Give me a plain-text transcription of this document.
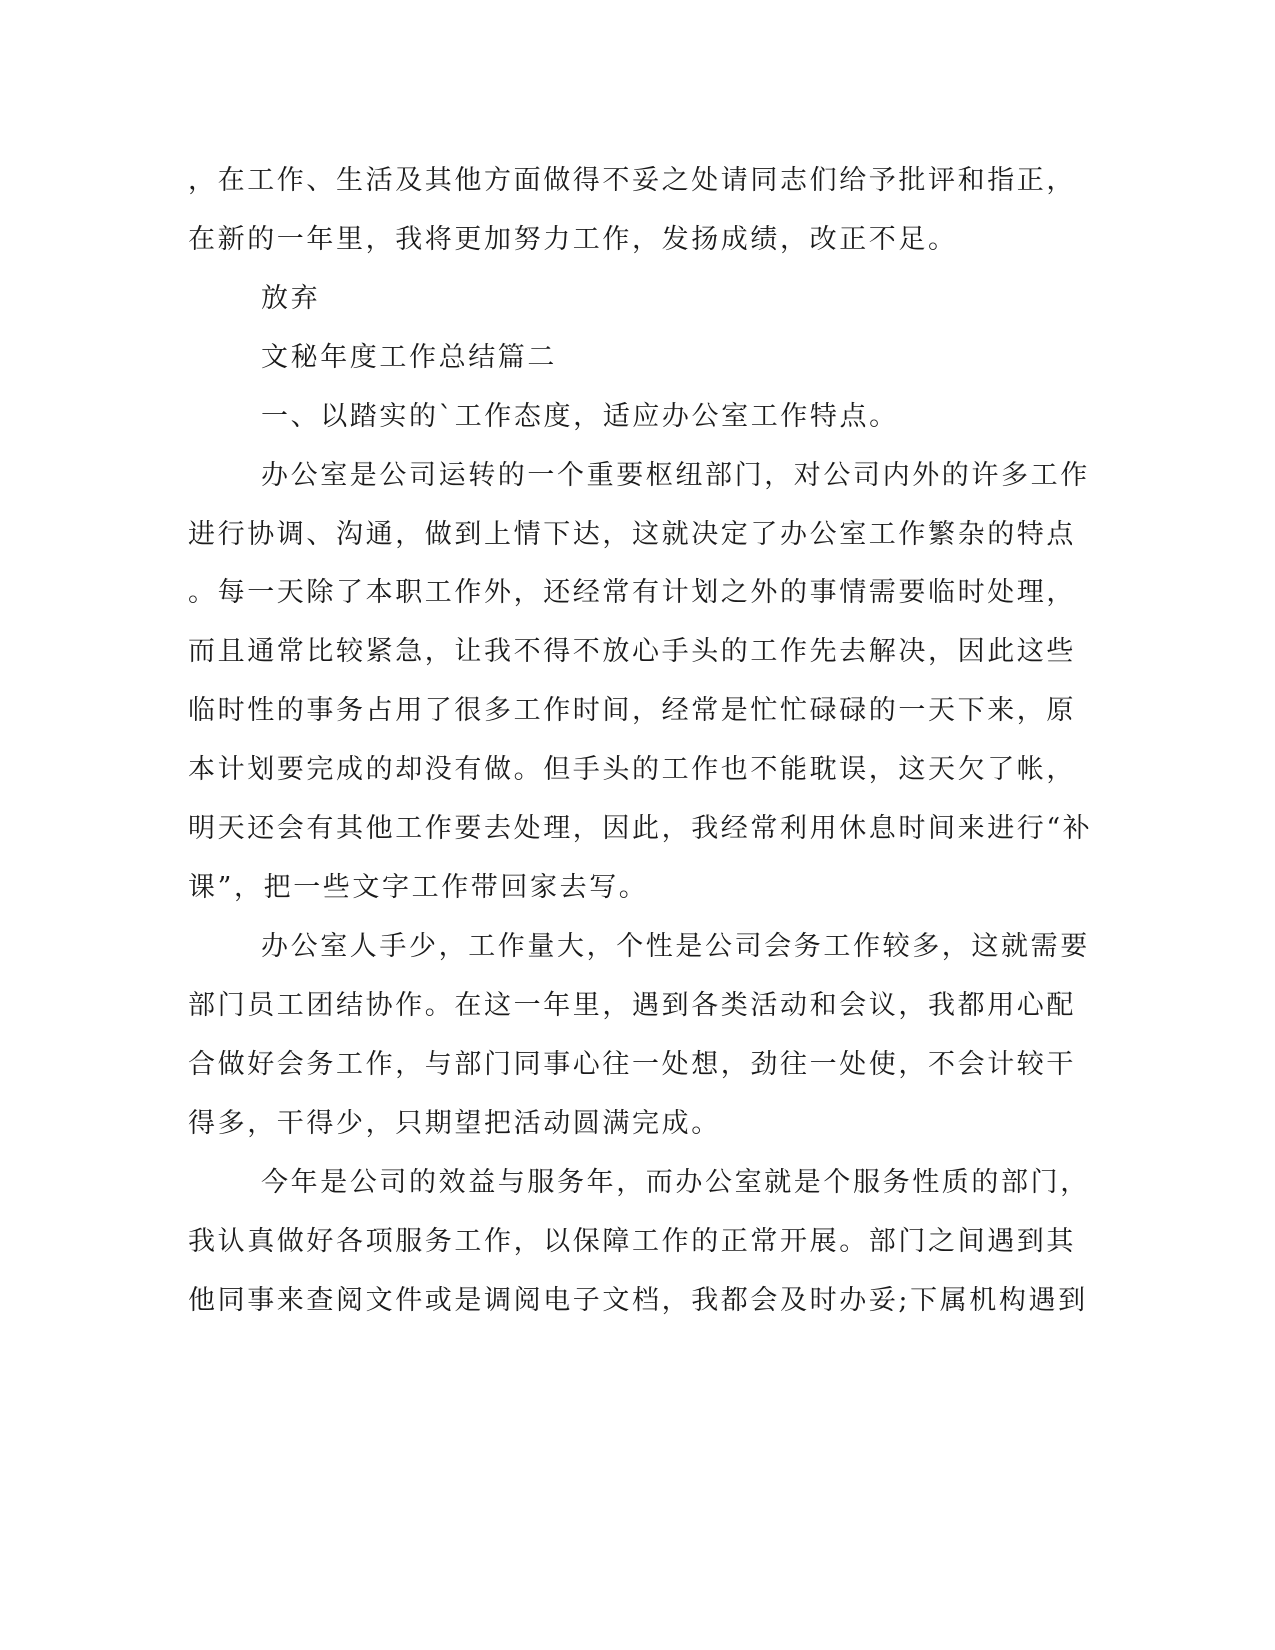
，在工作、生活及其他方面做得不妥之处请同志们给予批评和指正，
在新的一年里，我将更加努力工作，发扬成绩，改正不足。
放弃
文秘年度工作总结篇二
一、以踏实的`工作态度，适应办公室工作特点。
办公室是公司运转的一个重要枢纽部门，对公司内外的许多工作
进行协调、沟通，做到上情下达，这就决定了办公室工作繁杂的特点
。每一天除了本职工作外，还经常有计划之外的事情需要临时处理，
而且通常比较紧急，让我不得不放心手头的工作先去解决，因此这些
临时性的事务占用了很多工作时间，经常是忙忙碌碌的一天下来，原
本计划要完成的却没有做。但手头的工作也不能耽误，这天欠了帐，
明天还会有其他工作要去处理，因此，我经常利用休息时间来进行“补
课”，把一些文字工作带回家去写。
办公室人手少，工作量大，个性是公司会务工作较多，这就需要
部门员工团结协作。在这一年里，遇到各类活动和会议，我都用心配
合做好会务工作，与部门同事心往一处想，劲往一处使，不会计较干
得多，干得少，只期望把活动圆满完成。
今年是公司的效益与服务年，而办公室就是个服务性质的部门，
我认真做好各项服务工作，以保障工作的正常开展。部门之间遇到其
他同事来查阅文件或是调阅电子文档，我都会及时办妥;下属机构遇到
